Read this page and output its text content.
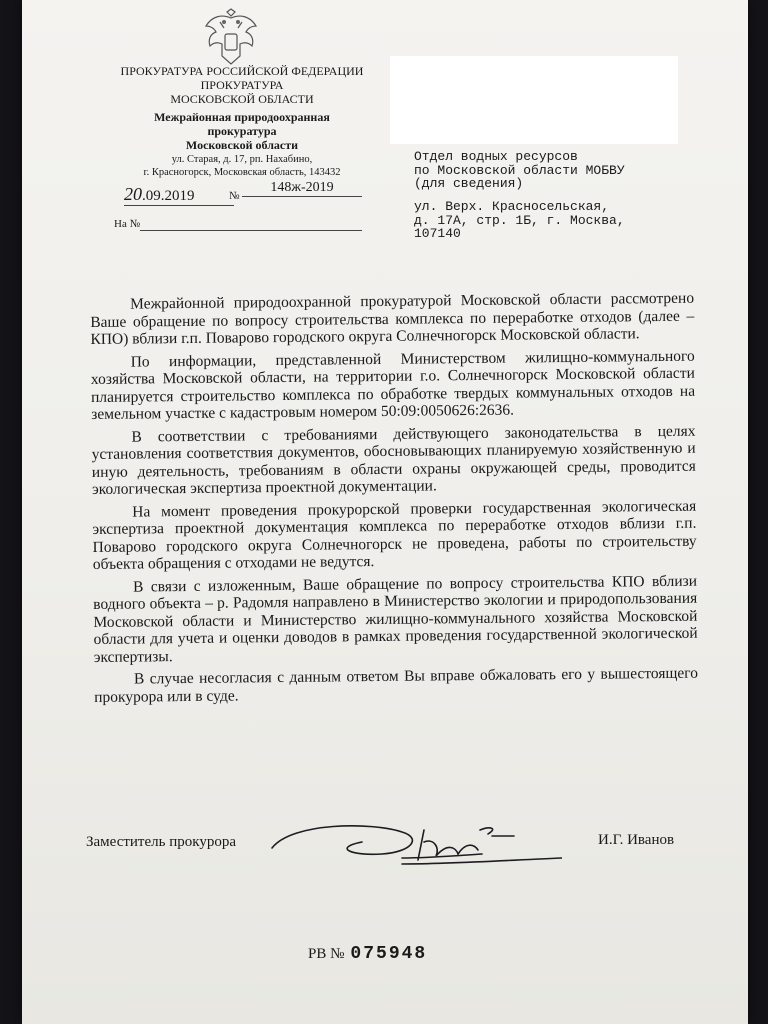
ПРОКУРАТУРА РОССИЙСКОЙ ФЕДЕРАЦИИ
ПРОКУРАТУРА
МОСКОВСКОЙ ОБЛАСТИ
Межрайонная природоохранная
прокуратура
Московской области
ул. Старая, д. 17, рп. Нахабино,
г. Красногорск, Московская область, 143432
20.09.2019	№
148ж-2019
На №
Отдел водных ресурсов
по Московской области МОБВУ
(для сведения)
ул. Верх. Красносельская,
д. 17А, стр. 1Б, г. Москва,
107140

Межрайонной природоохранной прокуратурой Московской области рассмотрено Ваше обращение по вопросу строительства комплекса по переработке отходов (далее – КПО) вблизи г.п. Поварово городского округа Солнечногорск Московской области.

По информации, представленной Министерством жилищно-коммунального хозяйства Московской области, на территории г.о. Солнечногорск Московской области планируется строительство комплекса по обработке твердых коммунальных отходов на земельном участке с кадастровым номером 50:09:0050626:2636.

В соответствии с требованиями действующего законодательства в целях установления соответствия документов, обосновывающих планируемую хозяйственную и иную деятельность, требованиям в области охраны окружающей среды, проводится экологическая экспертиза проектной документации.

На момент проведения прокурорской проверки государственная экологическая экспертиза проектной документация комплекса по переработке отходов вблизи г.п. Поварово городского округа Солнечногорск не проведена, работы по строительству объекта обращения с отходами не ведутся.

В связи с изложенным, Ваше обращение по вопросу строительства КПО вблизи водного объекта – р. Радомля направлено в Министерство экологии и природопользования Московской области и Министерство жилищно-коммунального хозяйства Московской области для учета и оценки доводов в рамках проведения государственной экологической экспертизы.

В случае несогласия с данным ответом Вы вправе обжаловать его у вышестоящего прокурора или в суде.

Заместитель прокурора	И.Г. Иванов
РВ № 075948
